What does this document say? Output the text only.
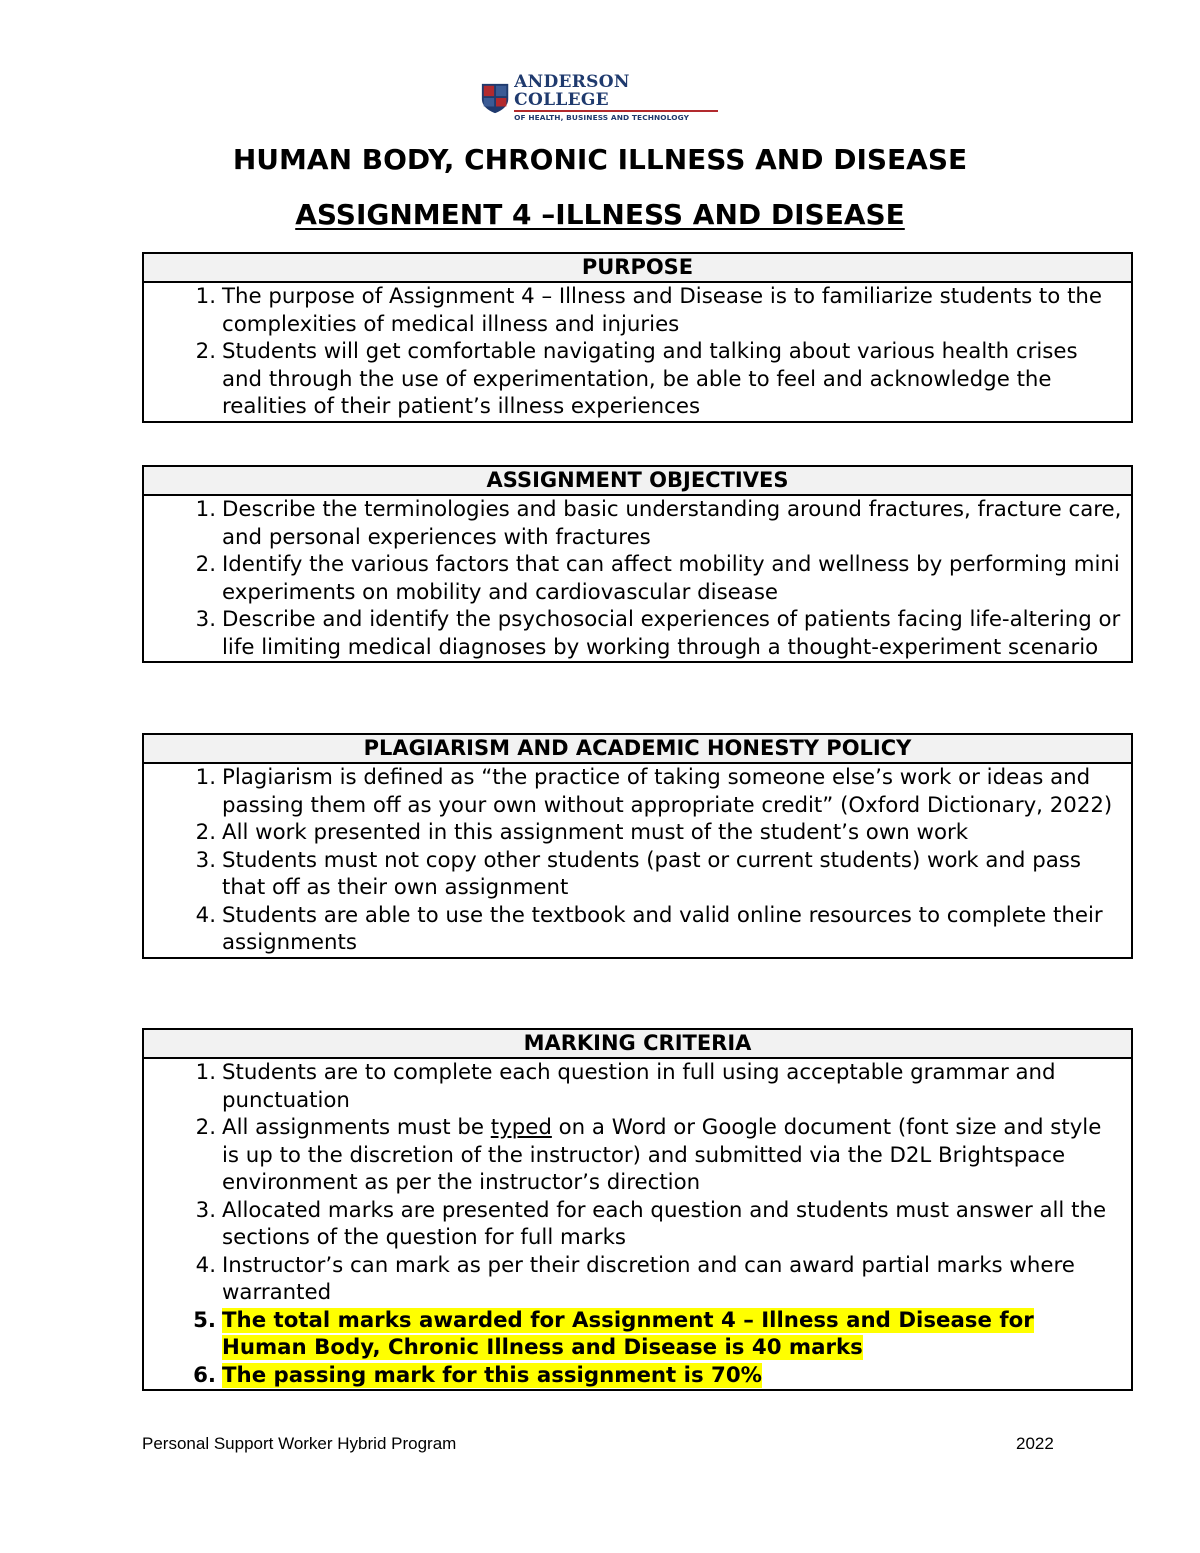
ANDERSON COLLEGE
OF HEALTH, BUSINESS AND TECHNOLOGY
HUMAN BODY, CHRONIC ILLNESS AND DISEASE
ASSIGNMENT 4 –ILLNESS AND DISEASE
PURPOSE
1. The purpose of Assignment 4 – Illness and Disease is to familiarize students to the complexities of medical illness and injuries
2. Students will get comfortable navigating and talking about various health crises and through the use of experimentation, be able to feel and acknowledge the realities of their patient’s illness experiences
ASSIGNMENT OBJECTIVES
1. Describe the terminologies and basic understanding around fractures, fracture care, and personal experiences with fractures
2. Identify the various factors that can affect mobility and wellness by performing mini experiments on mobility and cardiovascular disease
3. Describe and identify the psychosocial experiences of patients facing life-altering or life limiting medical diagnoses by working through a thought-experiment scenario
PLAGIARISM AND ACADEMIC HONESTY POLICY
1. Plagiarism is defined as “the practice of taking someone else’s work or ideas and passing them off as your own without appropriate credit” (Oxford Dictionary, 2022)
2. All work presented in this assignment must of the student’s own work
3. Students must not copy other students (past or current students) work and pass that off as their own assignment
4. Students are able to use the textbook and valid online resources to complete their assignments
MARKING CRITERIA
1. Students are to complete each question in full using acceptable grammar and punctuation
2. All assignments must be typed on a Word or Google document (font size and style is up to the discretion of the instructor) and submitted via the D2L Brightspace environment as per the instructor’s direction
3. Allocated marks are presented for each question and students must answer all the sections of the question for full marks
4. Instructor’s can mark as per their discretion and can award partial marks where warranted
5. The total marks awarded for Assignment 4 – Illness and Disease for Human Body, Chronic Illness and Disease is 40 marks
6. The passing mark for this assignment is 70%
Personal Support Worker Hybrid Program	2022
